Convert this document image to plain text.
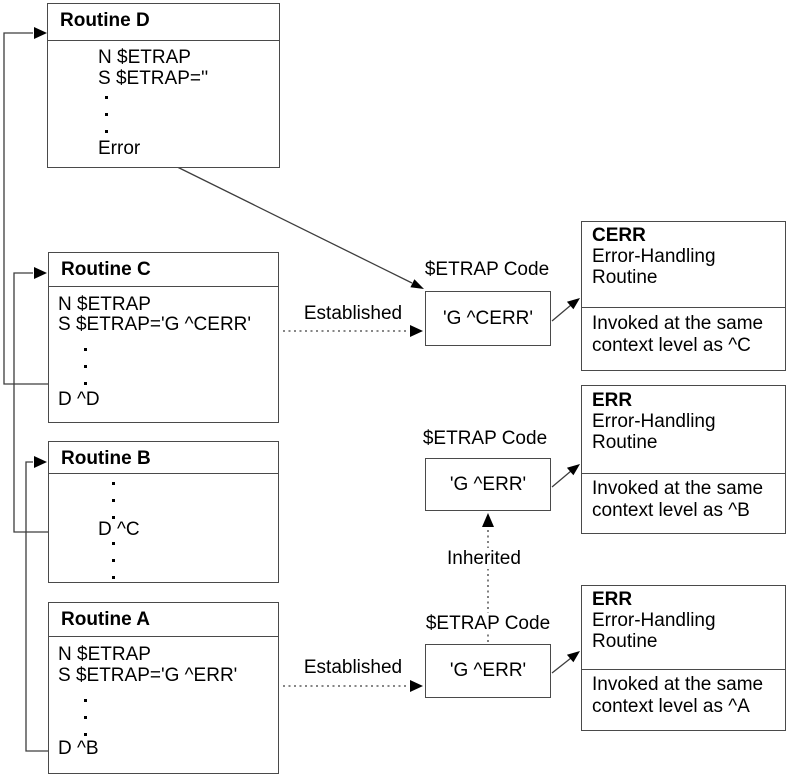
Routine D
N $ETRAP
S $ETRAP=''
Error
Routine C
N $ETRAP
S $ETRAP='G ^CERR'
D ^D
Routine B
D ^C
Routine A
N $ETRAP
S $ETRAP='G ^ERR'
D ^B
$ETRAP Code
$ETRAP Code
$ETRAP Code
'G ^CERR'
'G ^ERR'
'G ^ERR'
Established
Established
Inherited
CERR
Error-Handling
Routine
Invoked at the same
context level as ^C
ERR
Error-Handling
Routine
Invoked at the same
context level as ^B
ERR
Error-Handling
Routine
Invoked at the same
context level as ^A
